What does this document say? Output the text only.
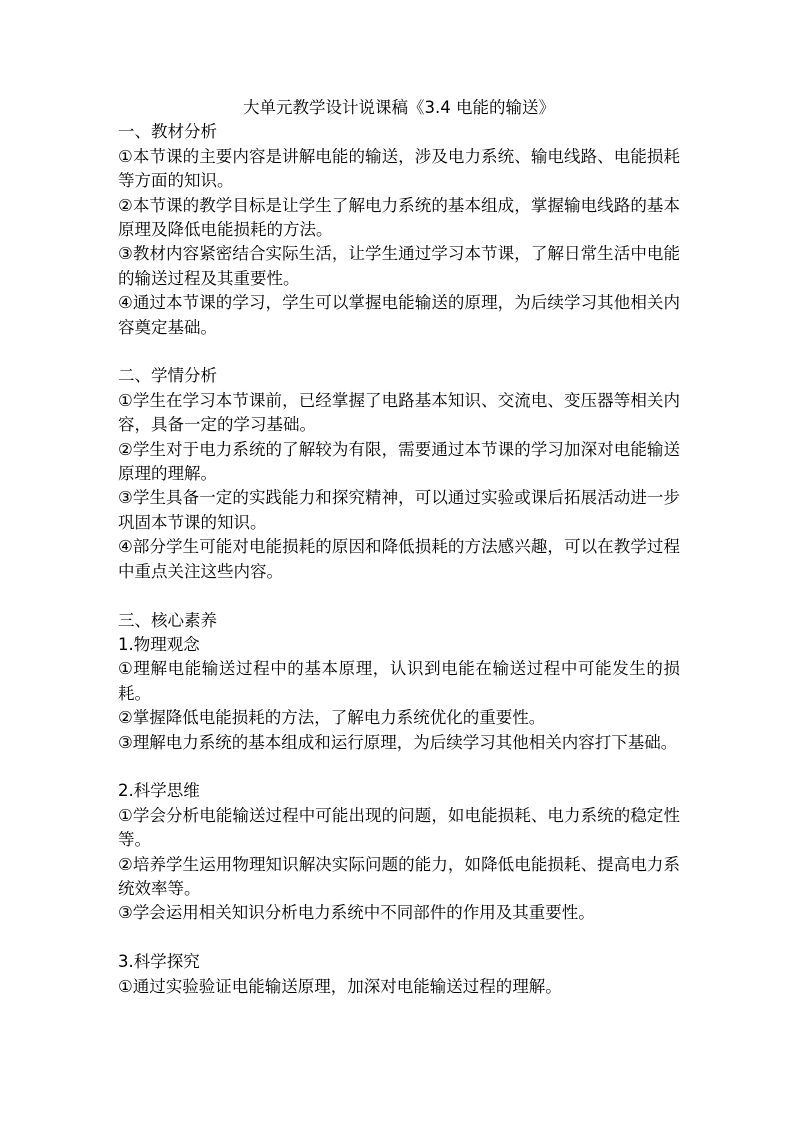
大单元教学设计说课稿《3.4 电能的输送》

一、教材分析

①本节课的主要内容是讲解电能的输送，涉及电力系统、输电线路、电能损耗等方面的知识。

②本节课的教学目标是让学生了解电力系统的基本组成，掌握输电线路的基本原理及降低电能损耗的方法。

③教材内容紧密结合实际生活，让学生通过学习本节课，了解日常生活中电能的输送过程及其重要性。

④通过本节课的学习，学生可以掌握电能输送的原理，为后续学习其他相关内容奠定基础。

二、学情分析

①学生在学习本节课前，已经掌握了电路基本知识、交流电、变压器等相关内容，具备一定的学习基础。

②学生对于电力系统的了解较为有限，需要通过本节课的学习加深对电能输送原理的理解。

③学生具备一定的实践能力和探究精神，可以通过实验或课后拓展活动进一步巩固本节课的知识。

④部分学生可能对电能损耗的原因和降低损耗的方法感兴趣，可以在教学过程中重点关注这些内容。

三、核心素养

1.物理观念

①理解电能输送过程中的基本原理，认识到电能在输送过程中可能发生的损耗。

②掌握降低电能损耗的方法，了解电力系统优化的重要性。

③理解电力系统的基本组成和运行原理，为后续学习其他相关内容打下基础。

2.科学思维

①学会分析电能输送过程中可能出现的问题，如电能损耗、电力系统的稳定性等。

②培养学生运用物理知识解决实际问题的能力，如降低电能损耗、提高电力系统效率等。

③学会运用相关知识分析电力系统中不同部件的作用及其重要性。

3.科学探究

①通过实验验证电能输送原理，加深对电能输送过程的理解。
